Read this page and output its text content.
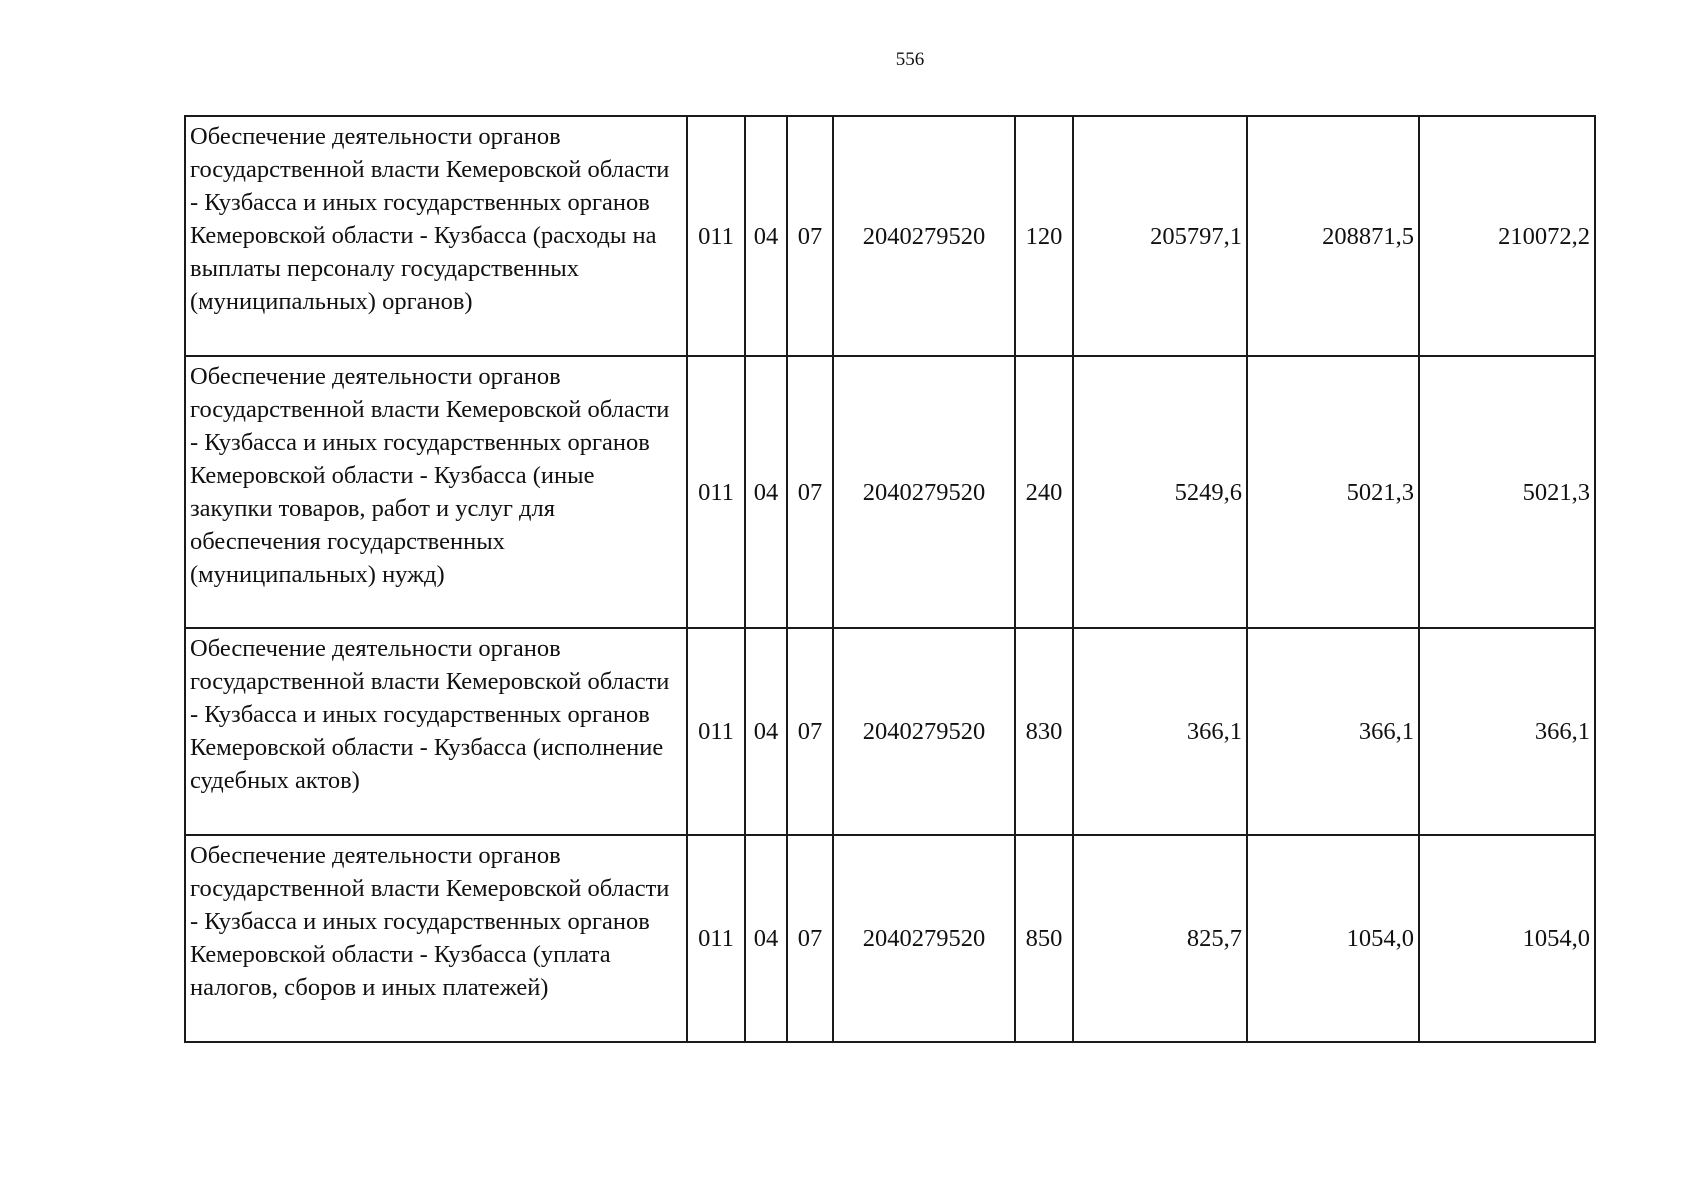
556
Обеспечение деятельности органов государственной власти Кемеровской области - Кузбасса и иных государственных органов Кемеровской области - Кузбасса (расходы на выплаты персоналу государственных (муниципальных) органов)	011	04	07	2040279520	120	205797,1	208871,5	210072,2
Обеспечение деятельности органов государственной власти Кемеровской области - Кузбасса и иных государственных органов Кемеровской области - Кузбасса (иные закупки товаров, работ и услуг для обеспечения государственных (муниципальных) нужд)	011	04	07	2040279520	240	5249,6	5021,3	5021,3
Обеспечение деятельности органов государственной власти Кемеровской области - Кузбасса и иных государственных органов Кемеровской области - Кузбасса (исполнение судебных актов)	011	04	07	2040279520	830	366,1	366,1	366,1
Обеспечение деятельности органов государственной власти Кемеровской области - Кузбасса и иных государственных органов Кемеровской области - Кузбасса (уплата налогов, сборов и иных платежей)	011	04	07	2040279520	850	825,7	1054,0	1054,0
